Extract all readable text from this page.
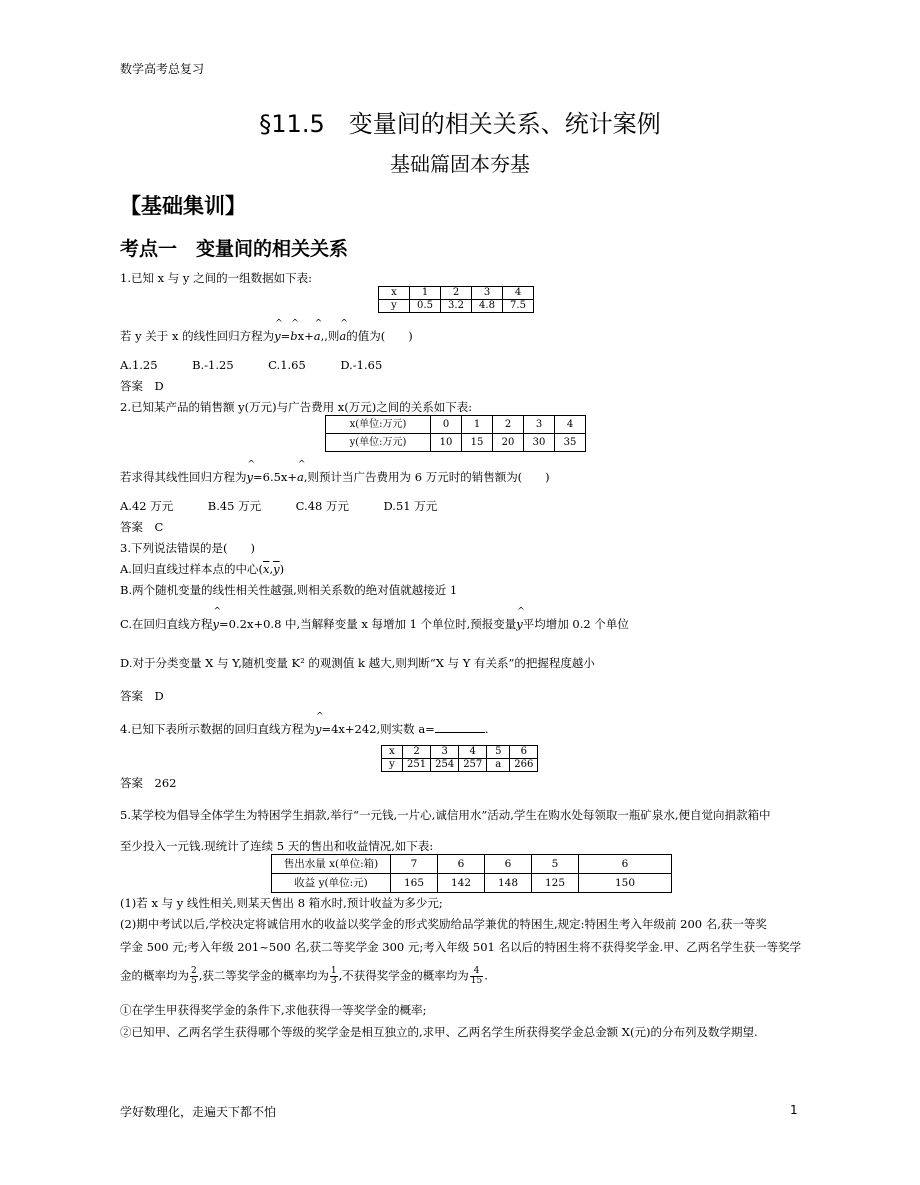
数学高考总复习
§11.5　变量间的相关关系、统计案例
基础篇固本夯基
【基础集训】
考点一　变量间的相关关系
1.已知 x 与 y 之间的一组数据如下表:
x	1	2	3	4
y	0.5	3.2	4.8	7.5
若 y 关于 x 的线性回归方程为^ y=^ bx+^ a,,则^ a的值为(　　)
A.1.25　　　B.-1.25　　　C.1.65　　　D.-1.65
答案　D
2.已知某产品的销售额 y(万元)与广告费用 x(万元)之间的关系如下表:
x(单位:万元)	0	1	2	3	4
y(单位:万元)	10	15	20	30	35
若求得其线性回归方程为^ y=6.5x+^ a,则预计当广告费用为 6 万元时的销售额为(　　)
A.42 万元　　　B.45 万元　　　C.48 万元　　　D.51 万元
答案　C
3.下列说法错误的是(　　)
A.回归直线过样本点的中心$(\overline{x},\overline{y})$
B.两个随机变量的线性相关性越强,则相关系数的绝对值就越接近 1
C.在回归直线方程^ y=0.2x+0.8 中,当解释变量 x 每增加 1 个单位时,预报变量^ y平均增加 0.2 个单位
D.对于分类变量 X 与 Y,随机变量 K² 的观测值 k 越大,则判断“X 与 Y 有关系”的把握程度越小
答案　D
4.已知下表所示数据的回归直线方程为^ y=4x+242,则实数 a=	.
x	2	3	4	5	6
y	251	254	257	a	266
答案　262
5.某学校为倡导全体学生为特困学生捐款,举行“一元钱,一片心,诚信用水”活动,学生在购水处每领取一瓶矿泉水,便自觉向捐款箱中
至少投入一元钱.现统计了连续 5 天的售出和收益情况,如下表:
售出水量 x(单位:箱)	7	6	6	5	6
收益 y(单位:元)	165	142	148	125	150
(1)若 x 与 y 线性相关,则某天售出 8 箱水时,预计收益为多少元;
(2)期中考试以后,学校决定将诚信用水的收益以奖学金的形式奖励给品学兼优的特困生,规定:特困生考入年级前 200 名,获一等奖
学金 500 元;考入年级 201~500 名,获二等奖学金 300 元;考入年级 501 名以后的特困生将不获得奖学金.甲、乙两名学生获一等奖学
金的概率均为 $\frac{2}{5}$ ,获二等奖学金的概率均为 $\frac{1}{3}$ ,不获得奖学金的概率均为 $\frac{4}{15}$ .
①在学生甲获得奖学金的条件下,求他获得一等奖学金的概率;
②已知甲、乙两名学生获得哪个等级的奖学金是相互独立的,求甲、乙两名学生所获得奖学金总金额 X(元)的分布列及数学期望.
学好数理化，走遍天下都不怕	1
